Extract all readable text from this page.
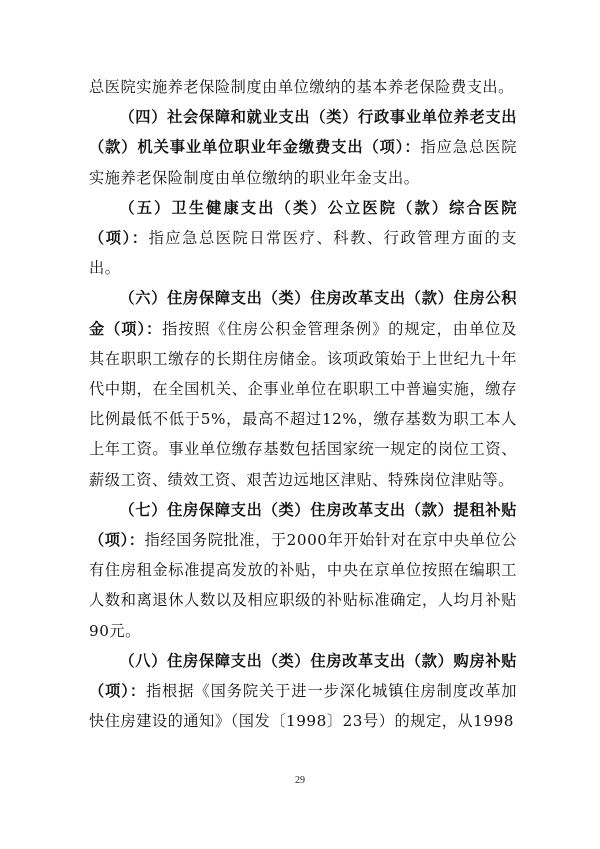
总医院实施养老保险制度由单位缴纳的基本养老保险费支出。

（四）社会保障和就业支出（类）行政事业单位养老支出（款）机关事业单位职业年金缴费支出（项）：指应急总医院实施养老保险制度由单位缴纳的职业年金支出。

（五）卫生健康支出（类）公立医院（款）综合医院（项）：指应急总医院日常医疗、科教、行政管理方面的支出。

（六）住房保障支出（类）住房改革支出（款）住房公积金（项）：指按照《住房公积金管理条例》的规定，由单位及其在职职工缴存的长期住房储金。该项政策始于上世纪九十年代中期，在全国机关、企事业单位在职职工中普遍实施，缴存比例最低不低于5%，最高不超过12%，缴存基数为职工本人上年工资。事业单位缴存基数包括国家统一规定的岗位工资、薪级工资、绩效工资、艰苦边远地区津贴、特殊岗位津贴等。

（七）住房保障支出（类）住房改革支出（款）提租补贴（项）：指经国务院批准，于2000年开始针对在京中央单位公有住房租金标准提高发放的补贴，中央在京单位按照在编职工人数和离退休人数以及相应职级的补贴标准确定，人均月补贴90元。

（八）住房保障支出（类）住房改革支出（款）购房补贴（项）：指根据《国务院关于进一步深化城镇住房制度改革加快住房建设的通知》（国发〔1998〕23号）的规定，从1998

29
